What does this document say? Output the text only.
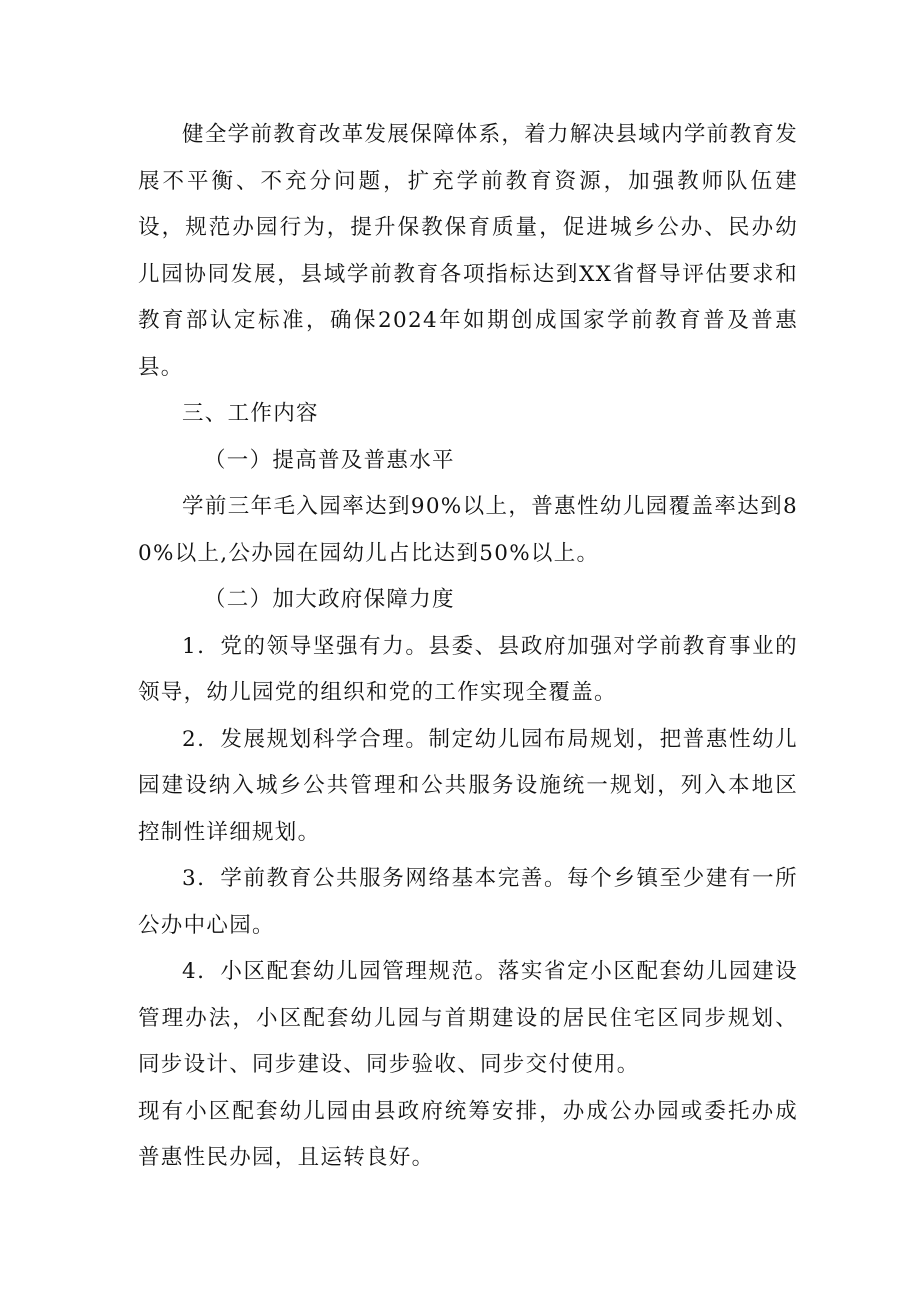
健全学前教育改革发展保障体系，着力解决县域内学前教育发展不平衡、不充分问题，扩充学前教育资源，加强教师队伍建设，规范办园行为，提升保教保育质量，促进城乡公办、民办幼儿园协同发展，县域学前教育各项指标达到XX省督导评估要求和教育部认定标准，确保2024年如期创成国家学前教育普及普惠县。

三、工作内容

（一）提高普及普惠水平

学前三年毛入园率达到90%以上，普惠性幼儿园覆盖率达到80%以上,公办园在园幼儿占比达到50%以上。

（二）加大政府保障力度

1．党的领导坚强有力。县委、县政府加强对学前教育事业的领导，幼儿园党的组织和党的工作实现全覆盖。

2．发展规划科学合理。制定幼儿园布局规划，把普惠性幼儿园建设纳入城乡公共管理和公共服务设施统一规划，列入本地区控制性详细规划。

3．学前教育公共服务网络基本完善。每个乡镇至少建有一所公办中心园。

4．小区配套幼儿园管理规范。落实省定小区配套幼儿园建设管理办法，小区配套幼儿园与首期建设的居民住宅区同步规划、同步设计、同步建设、同步验收、同步交付使用。

现有小区配套幼儿园由县政府统筹安排，办成公办园或委托办成普惠性民办园，且运转良好。
